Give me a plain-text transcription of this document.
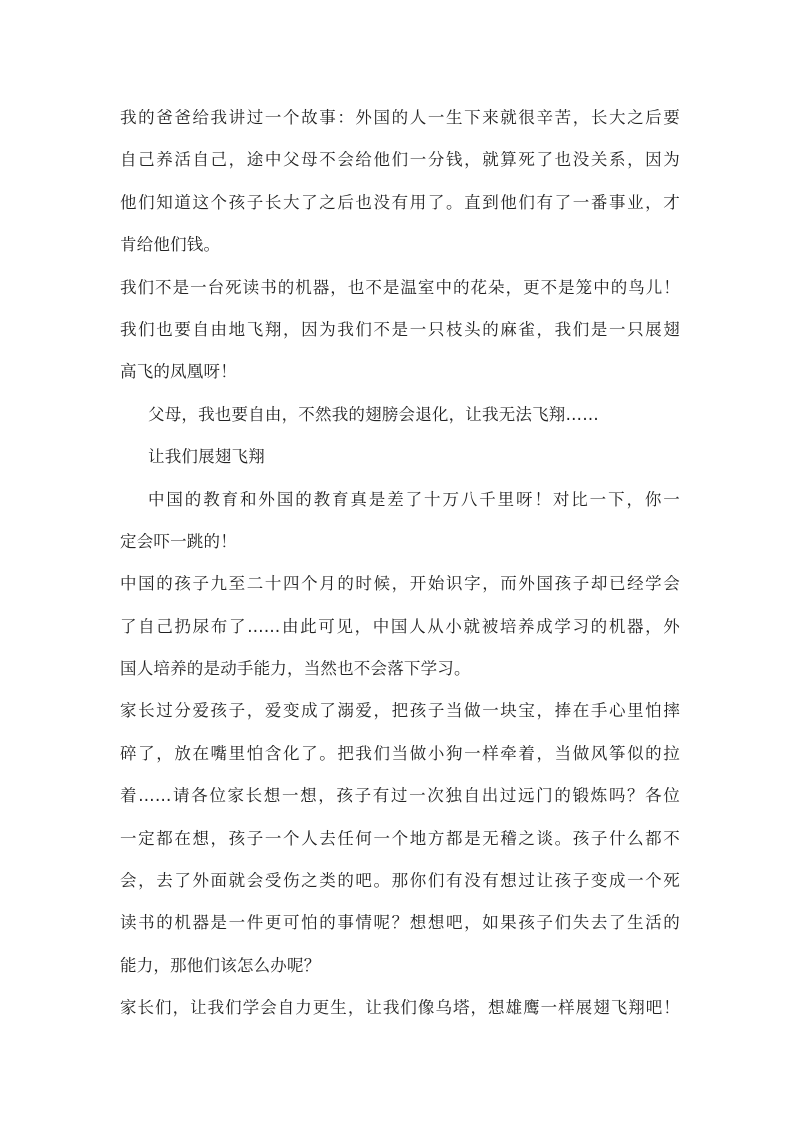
我的爸爸给我讲过一个故事：外国的人一生下来就很辛苦，长大之后要
自己养活自己，途中父母不会给他们一分钱，就算死了也没关系，因为
他们知道这个孩子长大了之后也没有用了。直到他们有了一番事业，才
肯给他们钱。
我们不是一台死读书的机器，也不是温室中的花朵，更不是笼中的鸟儿！
我们也要自由地飞翔，因为我们不是一只枝头的麻雀，我们是一只展翅
高飞的凤凰呀！
父母，我也要自由，不然我的翅膀会退化，让我无法飞翔……
让我们展翅飞翔
中国的教育和外国的教育真是差了十万八千里呀！对比一下，你一
定会吓一跳的！
中国的孩子九至二十四个月的时候，开始识字，而外国孩子却已经学会
了自己扔尿布了……由此可见，中国人从小就被培养成学习的机器，外
国人培养的是动手能力，当然也不会落下学习。
家长过分爱孩子，爱变成了溺爱，把孩子当做一块宝，捧在手心里怕摔
碎了，放在嘴里怕含化了。把我们当做小狗一样牵着，当做风筝似的拉
着……请各位家长想一想，孩子有过一次独自出过远门的锻炼吗？各位
一定都在想，孩子一个人去任何一个地方都是无稽之谈。孩子什么都不
会，去了外面就会受伤之类的吧。那你们有没有想过让孩子变成一个死
读书的机器是一件更可怕的事情呢？想想吧，如果孩子们失去了生活的
能力，那他们该怎么办呢？
家长们，让我们学会自力更生，让我们像乌塔，想雄鹰一样展翅飞翔吧！
